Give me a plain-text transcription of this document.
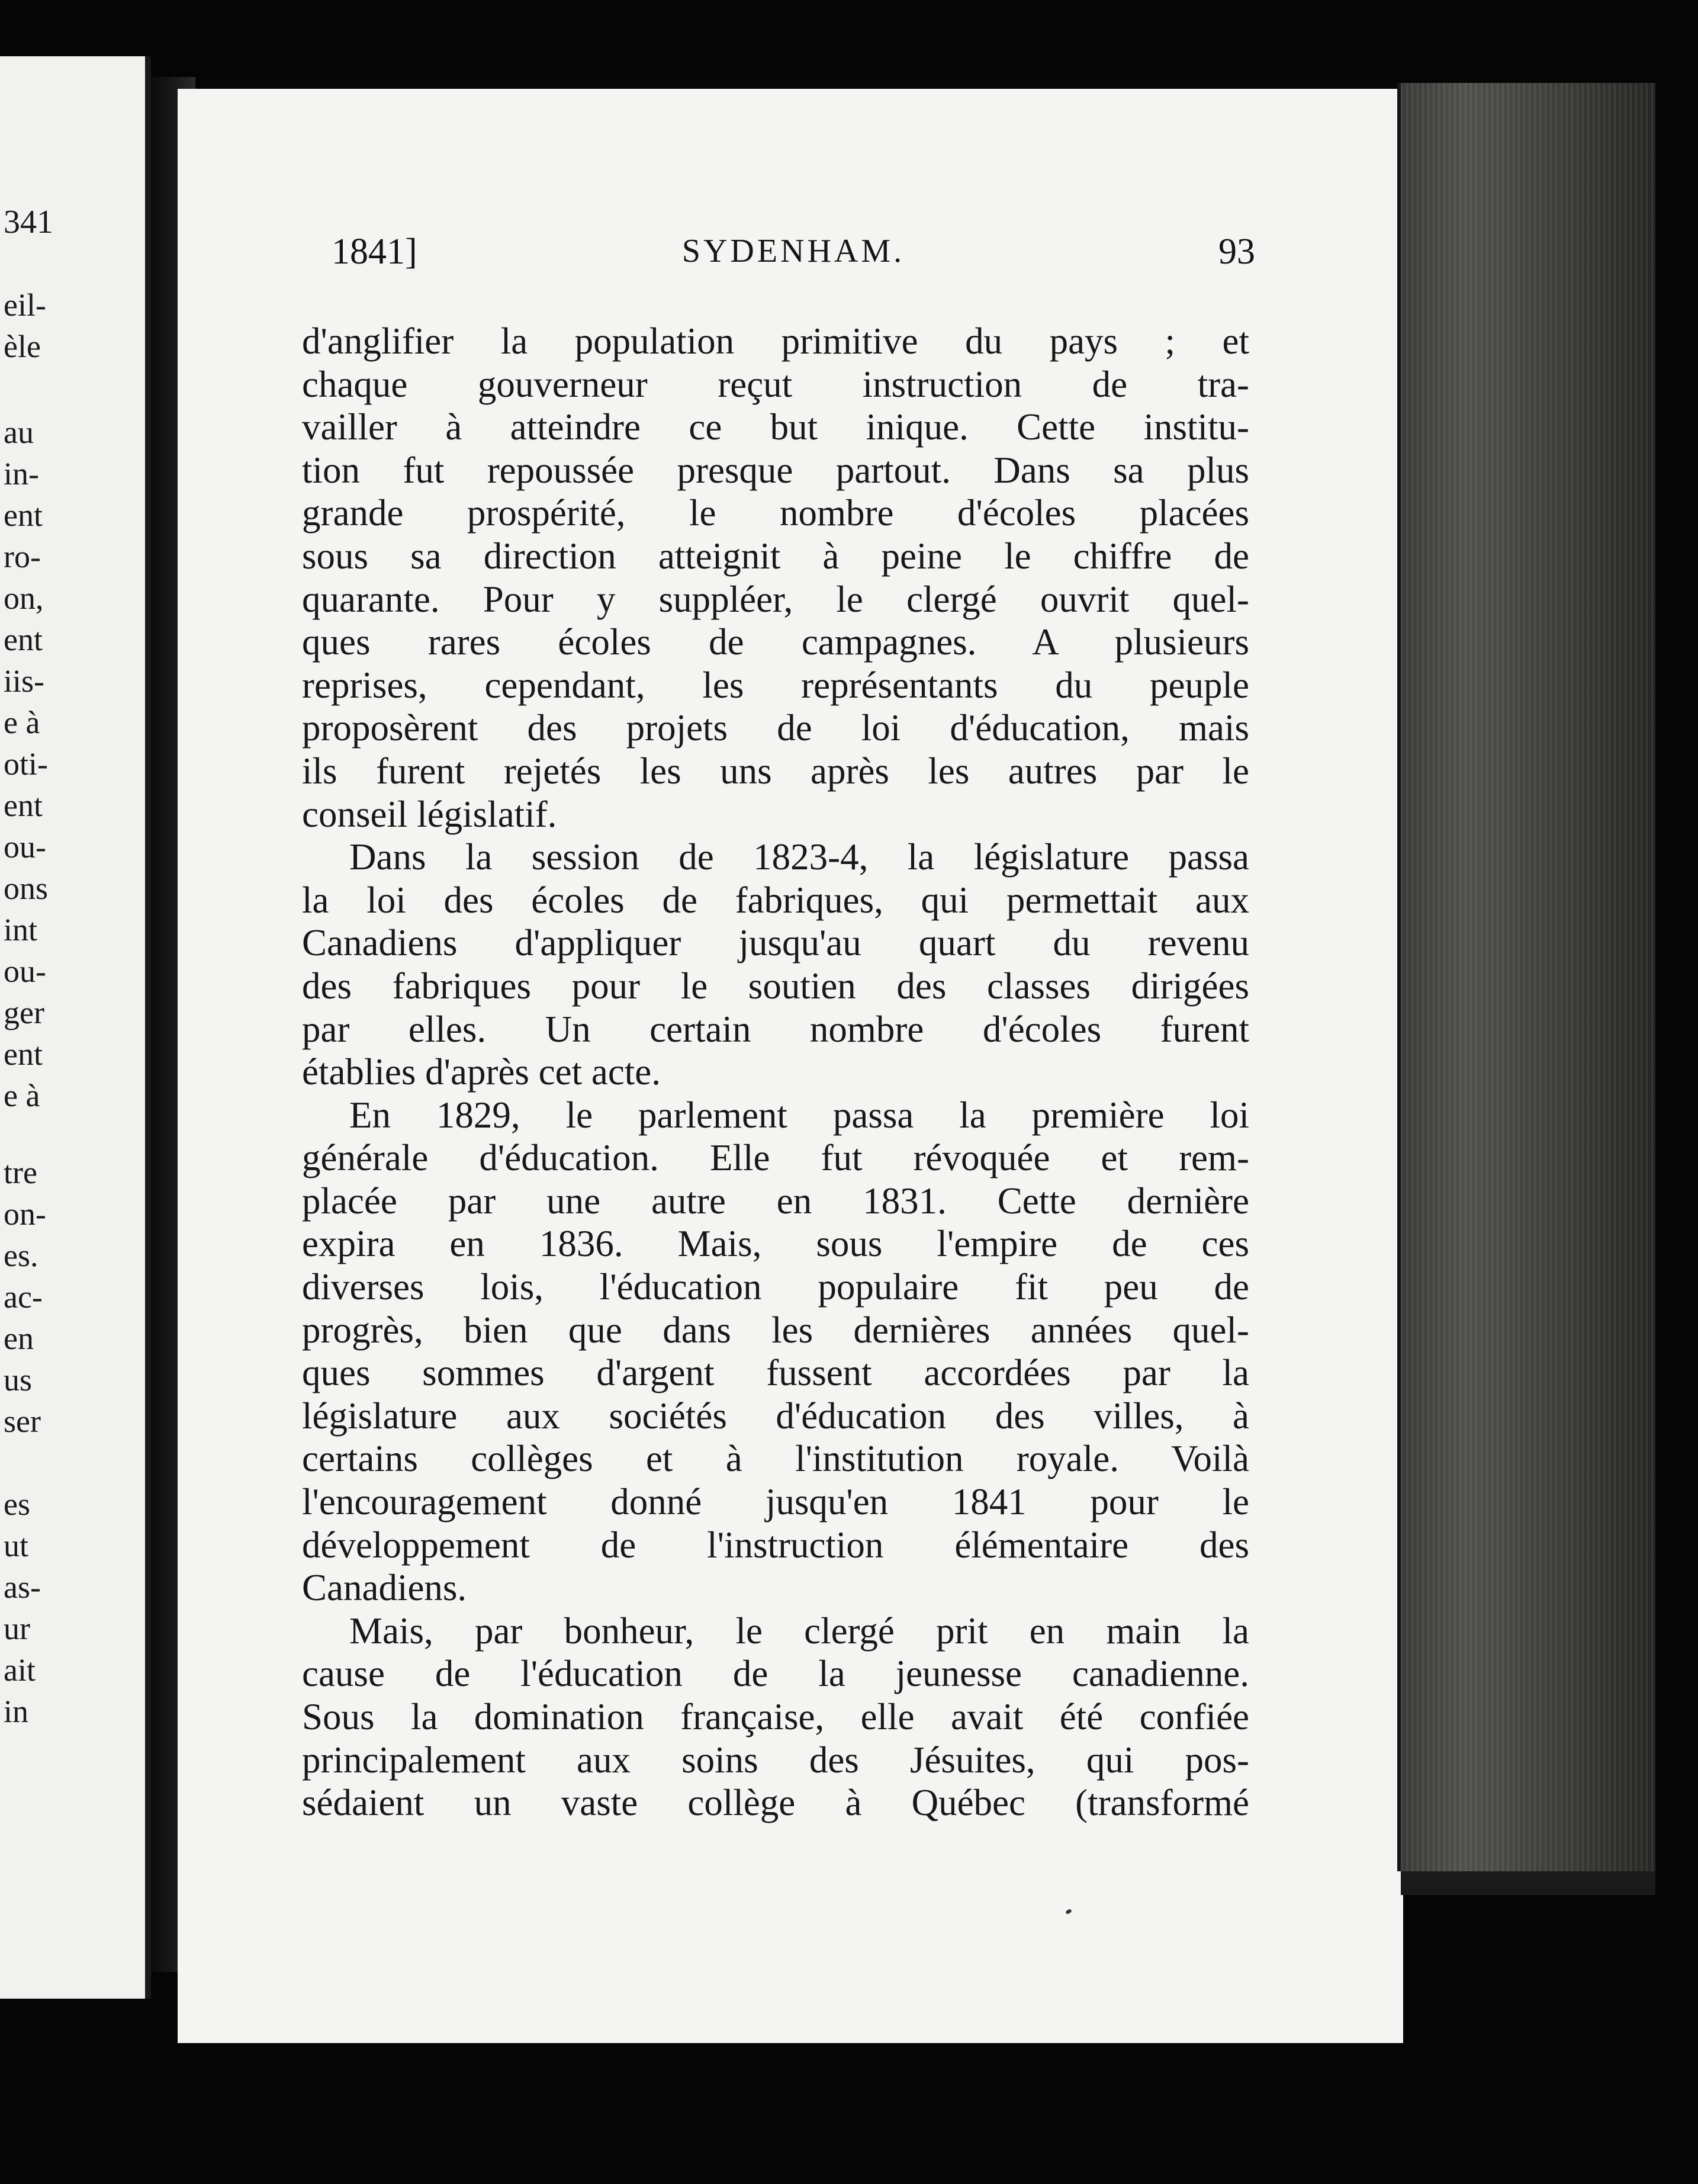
341
eil-
èle
au
in-
ent
ro-
on,
ent
iis-
e à
oti-
ent
ou-
ons
int
ou-
ger
ent
e à
tre
on-
es.
ac-
en
us
ser
es
ut
as-
ur
ait
in
1841]	SYDENHAM.	93
d'anglifier la population primitive du pays ; et
chaque gouverneur reçut instruction de tra-
vailler à atteindre ce but inique. Cette institu-
tion fut repoussée presque partout. Dans sa plus
grande prospérité, le nombre d'écoles placées
sous sa direction atteignit à peine le chiffre de
quarante. Pour y suppléer, le clergé ouvrit quel-
ques rares écoles de campagnes. A plusieurs
reprises, cependant, les représentants du peuple
proposèrent des projets de loi d'éducation, mais
ils furent rejetés les uns après les autres par le
conseil législatif.
Dans la session de 1823-4, la législature passa
la loi des écoles de fabriques, qui permettait aux
Canadiens d'appliquer jusqu'au quart du revenu
des fabriques pour le soutien des classes dirigées
par elles. Un certain nombre d'écoles furent
établies d'après cet acte.
En 1829, le parlement passa la première loi
générale d'éducation. Elle fut révoquée et rem-
placée par une autre en 1831. Cette dernière
expira en 1836. Mais, sous l'empire de ces
diverses lois, l'éducation populaire fit peu de
progrès, bien que dans les dernières années quel-
ques sommes d'argent fussent accordées par la
législature aux sociétés d'éducation des villes, à
certains collèges et à l'institution royale. Voilà
l'encouragement donné jusqu'en 1841 pour le
développement de l'instruction élémentaire des
Canadiens.
Mais, par bonheur, le clergé prit en main la
cause de l'éducation de la jeunesse canadienne.
Sous la domination française, elle avait été confiée
principalement aux soins des Jésuites, qui pos-
sédaient un vaste collège à Québec (transformé
